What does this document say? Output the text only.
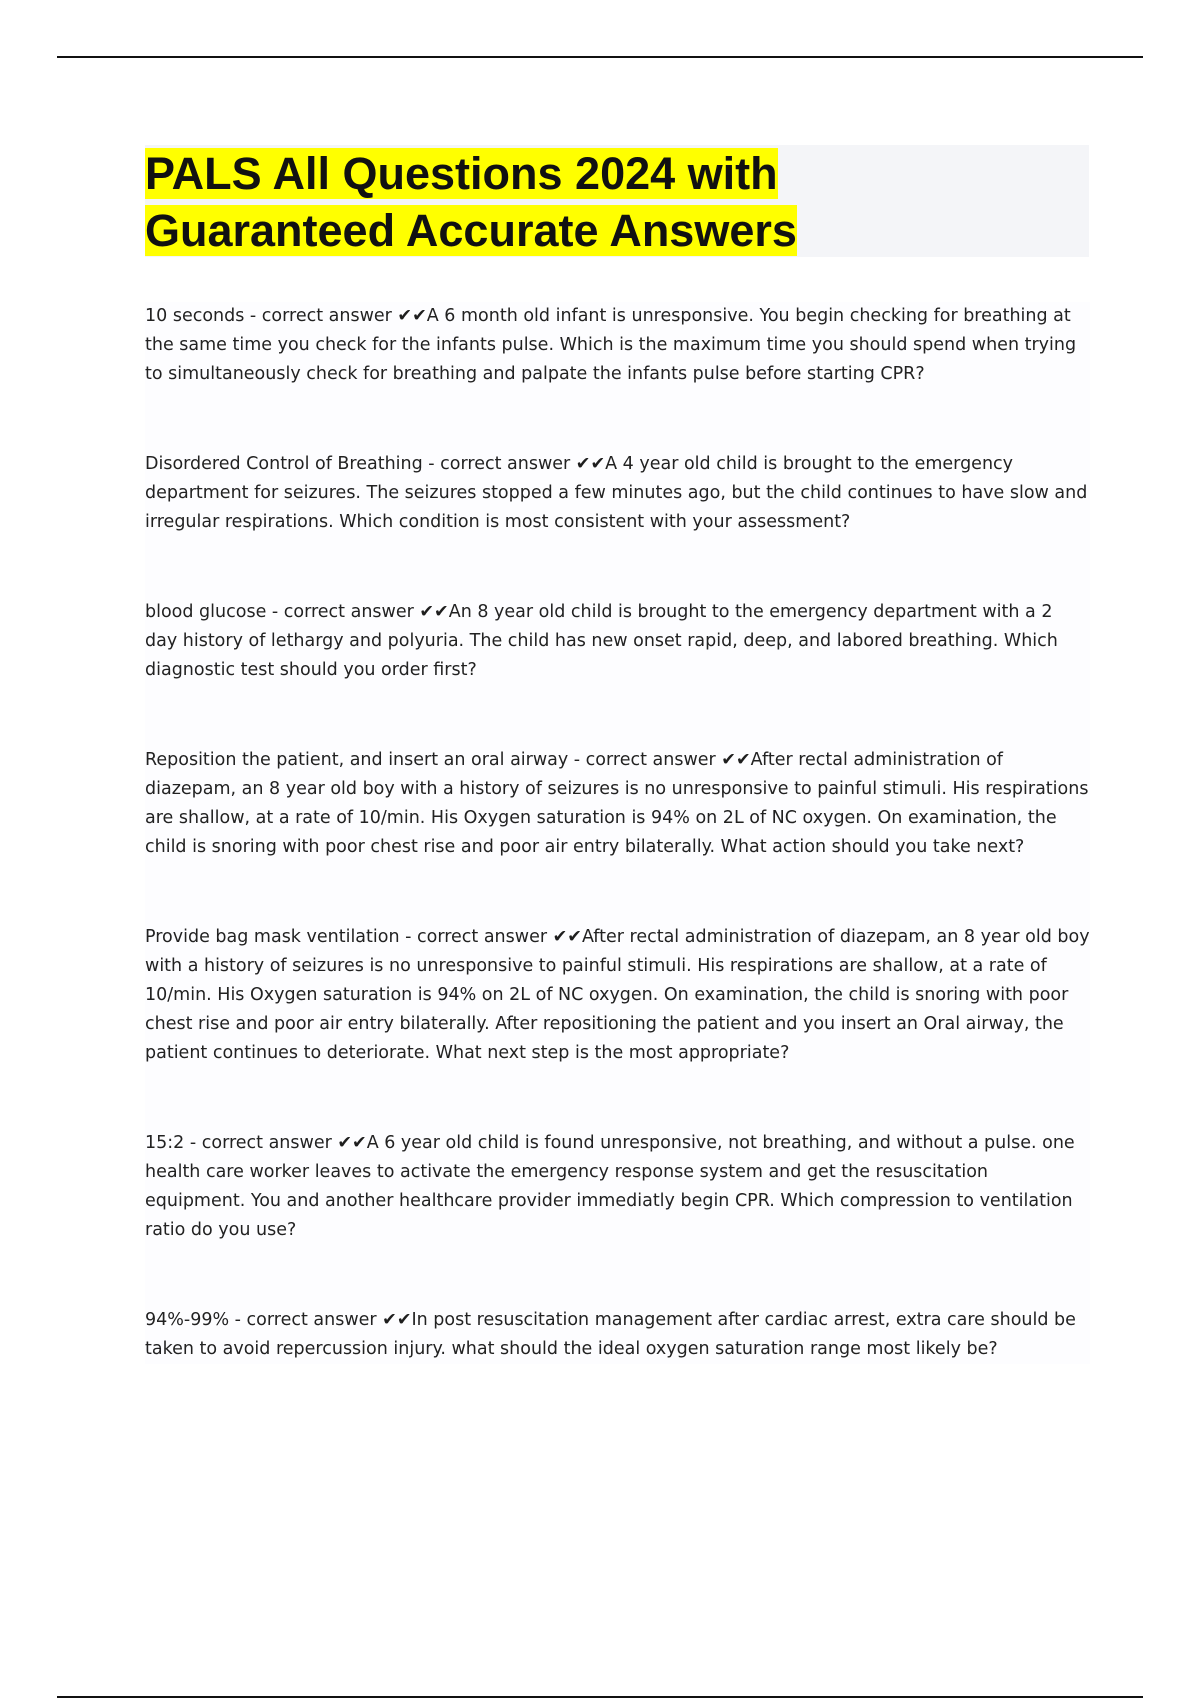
PALS All Questions 2024 with
Guaranteed Accurate Answers

10 seconds - correct answer ✔✔A 6 month old infant is unresponsive. You begin checking for breathing at the same time you check for the infants pulse. Which is the maximum time you should spend when trying to simultaneously check for breathing and palpate the infants pulse before starting CPR?

Disordered Control of Breathing - correct answer ✔✔A 4 year old child is brought to the emergency department for seizures. The seizures stopped a few minutes ago, but the child continues to have slow and irregular respirations. Which condition is most consistent with your assessment?

blood glucose - correct answer ✔✔An 8 year old child is brought to the emergency department with a 2 day history of lethargy and polyuria. The child has new onset rapid, deep, and labored breathing. Which diagnostic test should you order first?

Reposition the patient, and insert an oral airway - correct answer ✔✔After rectal administration of diazepam, an 8 year old boy with a history of seizures is no unresponsive to painful stimuli. His respirations are shallow, at a rate of 10/min. His Oxygen saturation is 94% on 2L of NC oxygen. On examination, the child is snoring with poor chest rise and poor air entry bilaterally. What action should you take next?

Provide bag mask ventilation - correct answer ✔✔After rectal administration of diazepam, an 8 year old boy with a history of seizures is no unresponsive to painful stimuli. His respirations are shallow, at a rate of 10/min. His Oxygen saturation is 94% on 2L of NC oxygen. On examination, the child is snoring with poor chest rise and poor air entry bilaterally. After repositioning the patient and you insert an Oral airway, the patient continues to deteriorate. What next step is the most appropriate?

15:2 - correct answer ✔✔A 6 year old child is found unresponsive, not breathing, and without a pulse. one health care worker leaves to activate the emergency response system and get the resuscitation equipment. You and another healthcare provider immediatly begin CPR. Which compression to ventilation ratio do you use?

94%-99% - correct answer ✔✔In post resuscitation management after cardiac arrest, extra care should be taken to avoid repercussion injury. what should the ideal oxygen saturation range most likely be?
